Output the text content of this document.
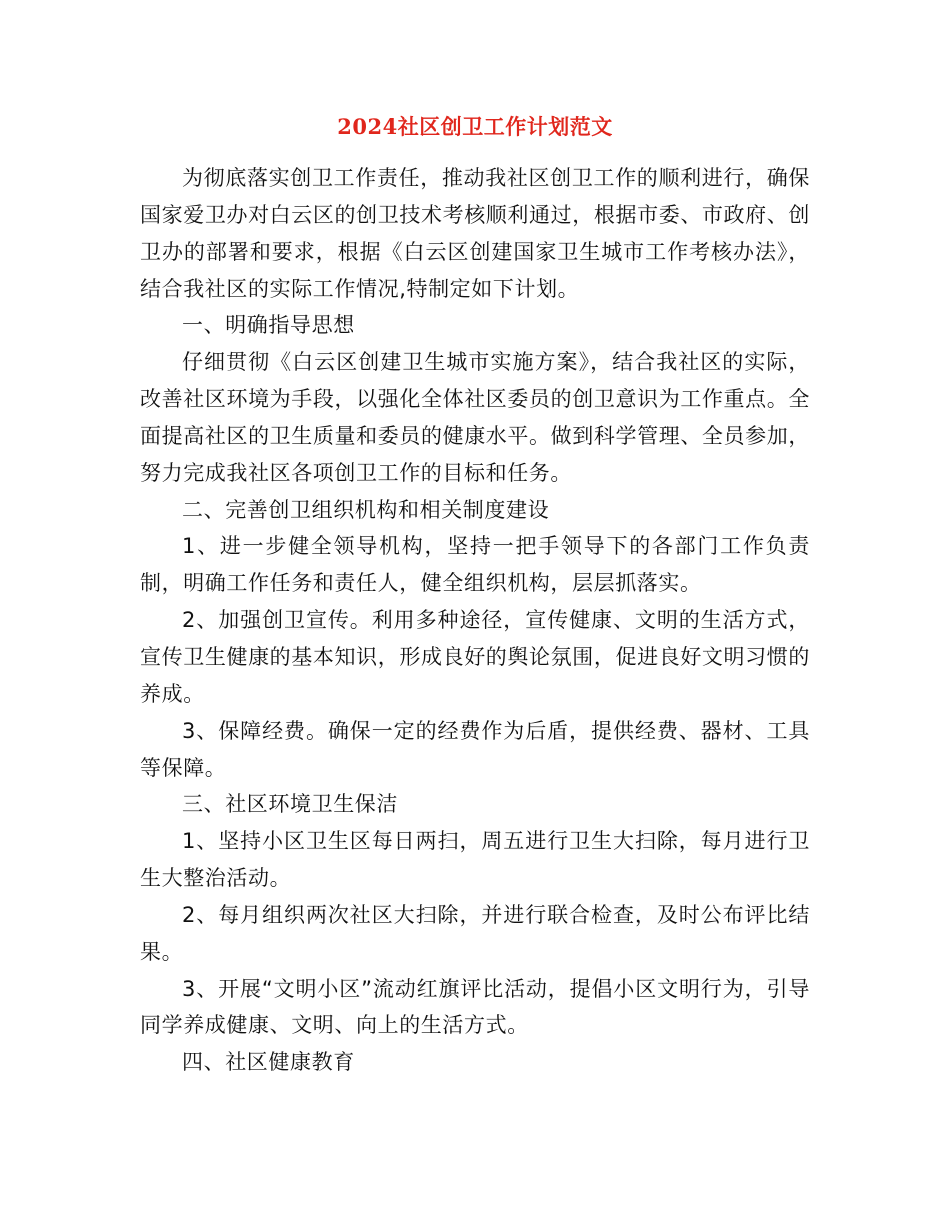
2024社区创卫工作计划范文

为彻底落实创卫工作责任，推动我社区创卫工作的顺利进行，确保国家爱卫办对白云区的创卫技术考核顺利通过，根据市委、市政府、创卫办的部署和要求，根据《白云区创建国家卫生城市工作考核办法》，结合我社区的实际工作情况,特制定如下计划。

一、明确指导思想

仔细贯彻《白云区创建卫生城市实施方案》，结合我社区的实际，改善社区环境为手段，以强化全体社区委员的创卫意识为工作重点。全面提高社区的卫生质量和委员的健康水平。做到科学管理、全员参加，努力完成我社区各项创卫工作的目标和任务。

二、完善创卫组织机构和相关制度建设

1、进一步健全领导机构，坚持一把手领导下的各部门工作负责制，明确工作任务和责任人，健全组织机构，层层抓落实。

2、加强创卫宣传。利用多种途径，宣传健康、文明的生活方式，宣传卫生健康的基本知识，形成良好的舆论氛围，促进良好文明习惯的养成。

3、保障经费。确保一定的经费作为后盾，提供经费、器材、工具等保障。

三、社区环境卫生保洁

1、坚持小区卫生区每日两扫，周五进行卫生大扫除，每月进行卫生大整治活动。

2、每月组织两次社区大扫除，并进行联合检查，及时公布评比结果。

3、开展“文明小区”流动红旗评比活动，提倡小区文明行为，引导同学养成健康、文明、向上的生活方式。

四、社区健康教育
